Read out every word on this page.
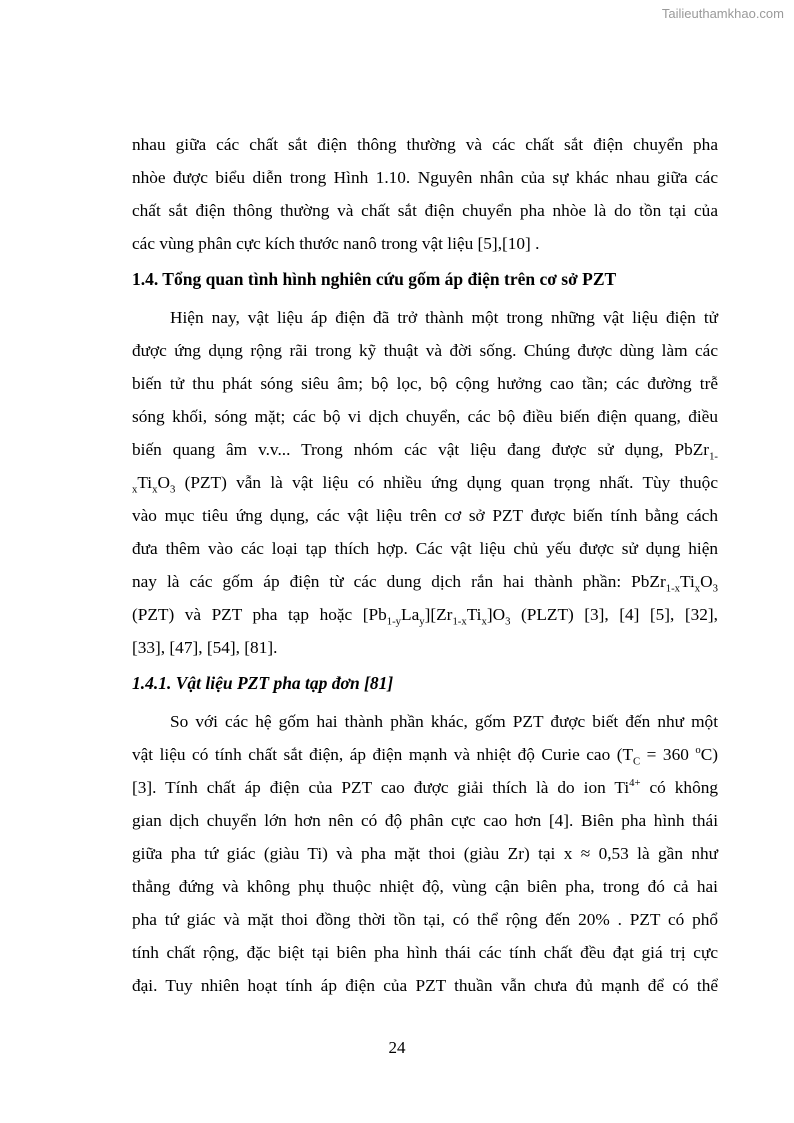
Tailieuthamkhao.com
nhau giữa các chất sắt điện thông thường và các chất sắt điện chuyển pha
nhòe được biểu diễn trong Hình 1.10. Nguyên nhân của sự khác nhau giữa các
chất sắt điện thông thường và chất sắt điện chuyển pha nhòe là do tồn tại của
các vùng phân cực kích thước nanô trong vật liệu [5],[10] .
1.4. Tổng quan tình hình nghiên cứu gốm áp điện trên cơ sở PZT
Hiện nay, vật liệu áp điện đã trở thành một trong những vật liệu điện tử
được ứng dụng rộng rãi trong kỹ thuật và đời sống. Chúng được dùng làm các
biến tử thu phát sóng siêu âm; bộ lọc, bộ cộng hưởng cao tần; các đường trễ
sóng khối, sóng mặt; các bộ vi dịch chuyển, các bộ điều biến điện quang, điều
biến quang âm v.v... Trong nhóm các vật liệu đang được sử dụng, PbZr$_{1-}$
$_xTi_xO_3$ (PZT) vẫn là vật liệu có nhiều ứng dụng quan trọng nhất. Tùy thuộc
vào mục tiêu ứng dụng, các vật liệu trên cơ sở PZT được biến tính bằng cách
đưa thêm vào các loại tạp thích hợp. Các vật liệu chủ yếu được sử dụng hiện
nay là các gốm áp điện từ các dung dịch rắn hai thành phần: $PbZr_{1-x}Ti_xO_3$
(PZT) và PZT pha tạp hoặc $[Pb_{1-y}La_y][Zr_{1-x}Ti_x]O_3$ (PLZT) [3], [4] [5], [32],
[33], [47], [54], [81].
1.4.1. Vật liệu PZT pha tạp đơn [81]
So với các hệ gốm hai thành phần khác, gốm PZT được biết đến như một
vật liệu có tính chất sắt điện, áp điện mạnh và nhiệt độ Curie cao ($T_C = 360$ $^o$C)
[3]. Tính chất áp điện của PZT cao được giải thích là do ion $Ti^{4+}$ có không
gian dịch chuyển lớn hơn nên có độ phân cực cao hơn [4]. Biên pha hình thái
giữa pha tứ giác (giàu Ti) và pha mặt thoi (giàu Zr) tại x ≈ 0,53 là gần như
thẳng đứng và không phụ thuộc nhiệt độ, vùng cận biên pha, trong đó cả hai
pha tứ giác và mặt thoi đồng thời tồn tại, có thể rộng đến 20% . PZT có phổ
tính chất rộng, đặc biệt tại biên pha hình thái các tính chất đều đạt giá trị cực
đại. Tuy nhiên hoạt tính áp điện của PZT thuần vẫn chưa đủ mạnh để có thể
24
